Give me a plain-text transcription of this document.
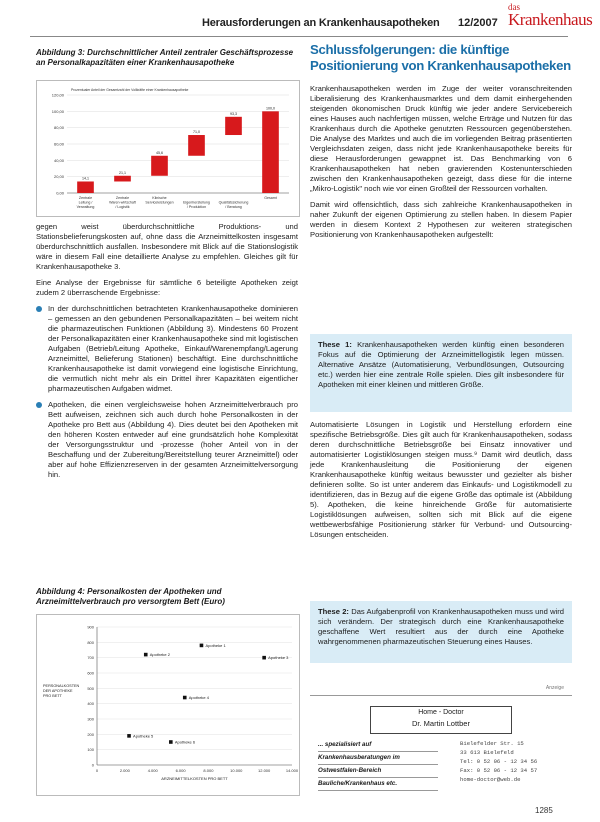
Herausforderungen an Krankenhausapotheken 12/2007
das
Krankenhaus
Abbildung 3: Durchschnittlicher Anteil zentraler Geschäftsprozesse an Personalkapazitäten einer Krankenhausapotheke
Prozentualer Anteil der Gesamtzahl der Vollkräfte einer Krankenhausapotheke
0,00
20,00
40,00
60,00
80,00
100,00
120,00
14,1
Zentrale
Leitung /
Verwaltung
21,1
Zentrale
Waren-wirtschaft
/ Logistik
45,6
Klinische
Serviceleistungen
71,0
Eigenherstellung
/ Produktion
93,3
Qualitätssicherung
/ Beratung
100,0
Gesamt

gegen weist überdurchschnittliche Produktions- und Stationsbelieferungskosten auf, ohne dass die Arzneimittelkosten insgesamt überdurchschnittlich ausfallen. Insbesondere mit Blick auf die Stationslogistik wäre in diesem Fall eine detaillierte Analyse zu empfehlen. Gleiches gilt für Krankenhausapotheke 3.

Eine Analyse der Ergebnisse für sämtliche 6 beteiligte Apotheken zeigt zudem 2 überraschende Ergebnisse:

In der durchschnittlichen betrachteten Krankenhausapotheke dominieren – gemessen an den gebundenen Personalkapazitäten – bei weitem nicht die pharmazeutischen Funktionen (Abbildung 3). Mindestens 60 Prozent der Personalkapazitäten einer Krankenhausapotheke sind mit logistischen Aufgaben (Betrieb/Leitung Apotheke, Einkauf/Warenempfang/Lagerung Arzneimittel, Belieferung Stationen) beschäftigt. Eine durchschnittliche Krankenhausapotheke ist damit vorwiegend eine logistische Einrichtung, die vermutlich nicht mehr als ein Drittel ihrer Kapazitäten eigentlicher pharmazeutischen Aufgaben widmet.
Apotheken, die einen vergleichsweise hohen Arzneimittelverbrauch pro Bett aufweisen, zeichnen sich auch durch hohe Personalkosten in der Apotheke pro Bett aus (Abbildung 4). Dies deutet bei den Apotheken mit den höheren Kosten entweder auf eine grundsätzlich hohe Komplexität der Versorgungsstruktur und -prozesse (hoher Anteil von in der Beschaffung und der Zubereitung/Bereitstellung teurer Arzneimittel) oder aber auf hohe Effizienzreserven in der gesamten Arzneimittelversorgung hin.
Abbildung 4: Personalkosten der Apotheken und Arzneimittelverbrauch pro versorgtem Bett (Euro)
0
100
200
300
400
500
600
700
800
900
0	2.000	4.000	6.000	8.000	10.000	12.000	14.000
ARZNEIMITTELKOSTEN PRO BETT
PERSONALKOSTEN
DER APOTHEKE
PRO BETT
Apotheke 1
Apotheke 2
Apotheke 3
Apotheke 4
Apotheke 5
Apotheke 6
Schlussfolgerungen: die künftige Positionierung von Krankenhausapotheken

Krankenhausapotheken werden im Zuge der weiter voranschreitenden Liberalisierung des Krankenhausmarktes und dem damit einhergehenden steigenden ökonomischen Druck künftig wie jeder andere Servicebereich eines Hauses auch nachfertigen müssen, welche Erträge und Nutzen für das Krankenhaus durch die Apotheke genutzten Ressourcen gegenüberstehen. Die Analyse des Marktes und auch die im vorliegenden Beitrag präsentierten Vergleichsdaten zeigen, dass nicht jede Krankenhausapotheke bereits für diese Herausforderungen gewappnet ist. Das Benchmarking von 6 Krankenhausapotheken hat neben gravierenden Kostenunterschieden zwischen den Krankenhausapotheken gezeigt, dass diese für die interne „Mikro-Logistik" noch wie vor einen Großteil der Ressourcen vorhalten.

Damit wird offensichtlich, dass sich zahlreiche Krankenhausapotheken in naher Zukunft der eigenen Optimierung zu stellen haben. In diesem Papier werden in diesem Kontext 2 Hypothesen zur weiteren strategischen Positionierung von Krankenhausapotheken aufgestellt:

These 1: Krankenhausapotheken werden künftig einen besonderen Fokus auf die Optimierung der Arzneimittellogistik legen müssen. Alternative Ansätze (Automatisierung, Verbundlösungen, Outsourcing etc.) werden hier eine zentrale Rolle spielen. Dies gilt insbesondere für Apotheken mit einer kleinen und mittleren Größe.

Automatisierte Lösungen in Logistik und Herstellung erfordern eine spezifische Betriebsgröße. Dies gilt auch für Krankenhausapotheken, sodass deren durchschnittliche Betriebsgröße bei Einsatz innovativer und automatisierter Logistiklösungen steigen muss.⁹ Damit wird deutlich, dass jede Krankenhausleitung die Positionierung der eigenen Krankenhausapotheke künftig weitaus bewusster und gezielter als bisher definieren sollte. So ist unter anderem das Einkaufs- und Logistikmodell zu identifizieren, das in Bezug auf die eigene Größe das optimale ist (Abbildung 5). Apotheken, die keine hinreichende Größe für automatisierte Logistiklösungen aufweisen, sollten sich mit Blick auf die eigene wettbewerbsfähige Positionierung stärker für Verbund- und Outsourcing-Lösungen entscheiden.

These 2: Das Aufgabenprofil von Krankenhausapotheken muss und wird sich verändern. Der strategisch durch eine Krankenhausapotheke geschaffene Wert resultiert aus der durch eine Apotheke wahrgenommenen pharmazeutischen Steuerung eines Hauses.
Anzeige
Home - Doctor
Dr. Martin Lottber
... spezialisiert auf
Krankenhausberatungen im
Ostwestfalen-Bereich
Bauliche/Krankenhaus etc.
Bielefelder Str. 15
33 613 Bielefeld
Tel: 0 52 06 - 12 34 56
Fax: 0 52 06 - 12 34 57
home-doctor@web.de
1285
